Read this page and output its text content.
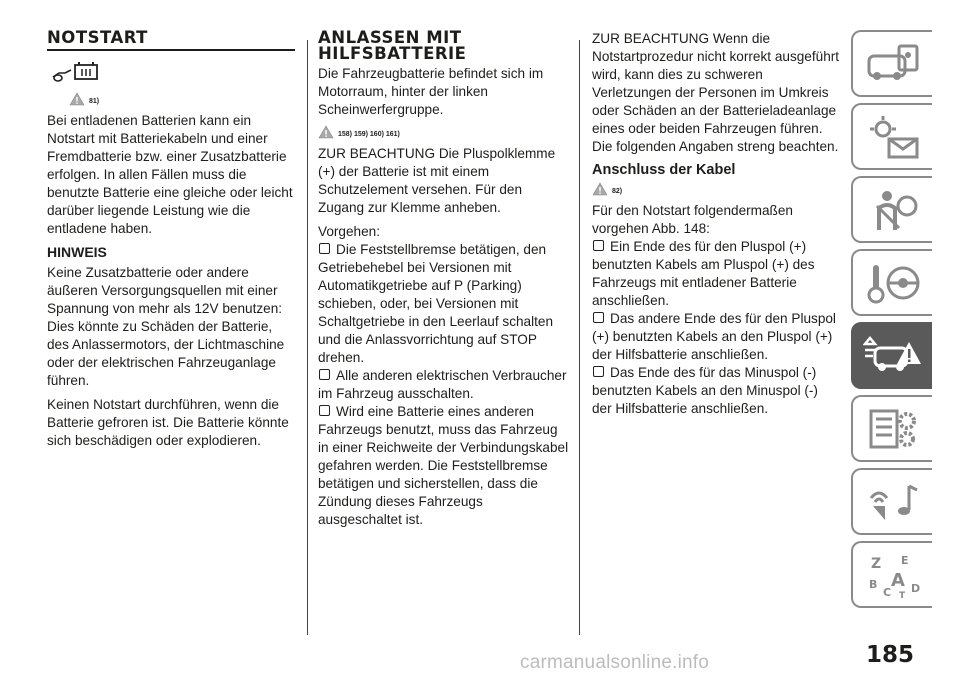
NOTSTART
81)

Bei entladenen Batterien kann ein Notstart mit Batteriekabeln und einer Fremdbatterie bzw. einer Zusatzbatterie erfolgen. In allen Fällen muss die benutzte Batterie eine gleiche oder leicht darüber liegende Leistung wie die entladene haben.

HINWEIS

Keine Zusatzbatterie oder andere äußeren Versorgungsquellen mit einer Spannung von mehr als 12V benutzen: Dies könnte zu Schäden der Batterie, des Anlassermotors, der Lichtmaschine oder der elektrischen Fahrzeuganlage führen.

Keinen Notstart durchführen, wenn die Batterie gefroren ist. Die Batterie könnte sich beschädigen oder explodieren.

ANLASSEN MIT
HILFSBATTERIE

Die Fahrzeugbatterie befindet sich im Motorraum, hinter der linken Scheinwerfergruppe.

158) 159) 160) 161)

ZUR BEACHTUNG Die Pluspolklemme (+) der Batterie ist mit einem Schutzelement versehen. Für den Zugang zur Klemme anheben.

Vorgehen:
Die Feststellbremse betätigen, den Getriebehebel bei Versionen mit Automatikgetriebe auf P (Parking) schieben, oder, bei Versionen mit Schaltgetriebe in den Leerlauf schalten und die Anlassvorrichtung auf STOP drehen.
Alle anderen elektrischen Verbraucher im Fahrzeug ausschalten.
Wird eine Batterie eines anderen Fahrzeugs benutzt, muss das Fahrzeug in einer Reichweite der Verbindungskabel gefahren werden. Die Feststellbremse betätigen und sicherstellen, dass die Zündung dieses Fahrzeugs ausgeschaltet ist.

ZUR BEACHTUNG Wenn die Notstartprozedur nicht korrekt ausgeführt wird, kann dies zu schweren Verletzungen der Personen im Umkreis oder Schäden an der Batterieladeanlage eines oder beiden Fahrzeugen führen. Die folgenden Angaben streng beachten.

Anschluss der Kabel
82)

Für den Notstart folgendermaßen vorgehen Abb. 148:

Ein Ende des für den Pluspol (+) benutzten Kabels am Pluspol (+) des Fahrzeugs mit entladener Batterie anschließen.
Das andere Ende des für den Pluspol (+) benutzten Kabels an den Pluspol (+) der Hilfsbatterie anschließen.
Das Ende des für das Minuspol (-) benutzten Kabels an den Minuspol (-) der Hilfsbatterie anschließen.
Z E
B A
C D
T
185
carmanualsonline.info
